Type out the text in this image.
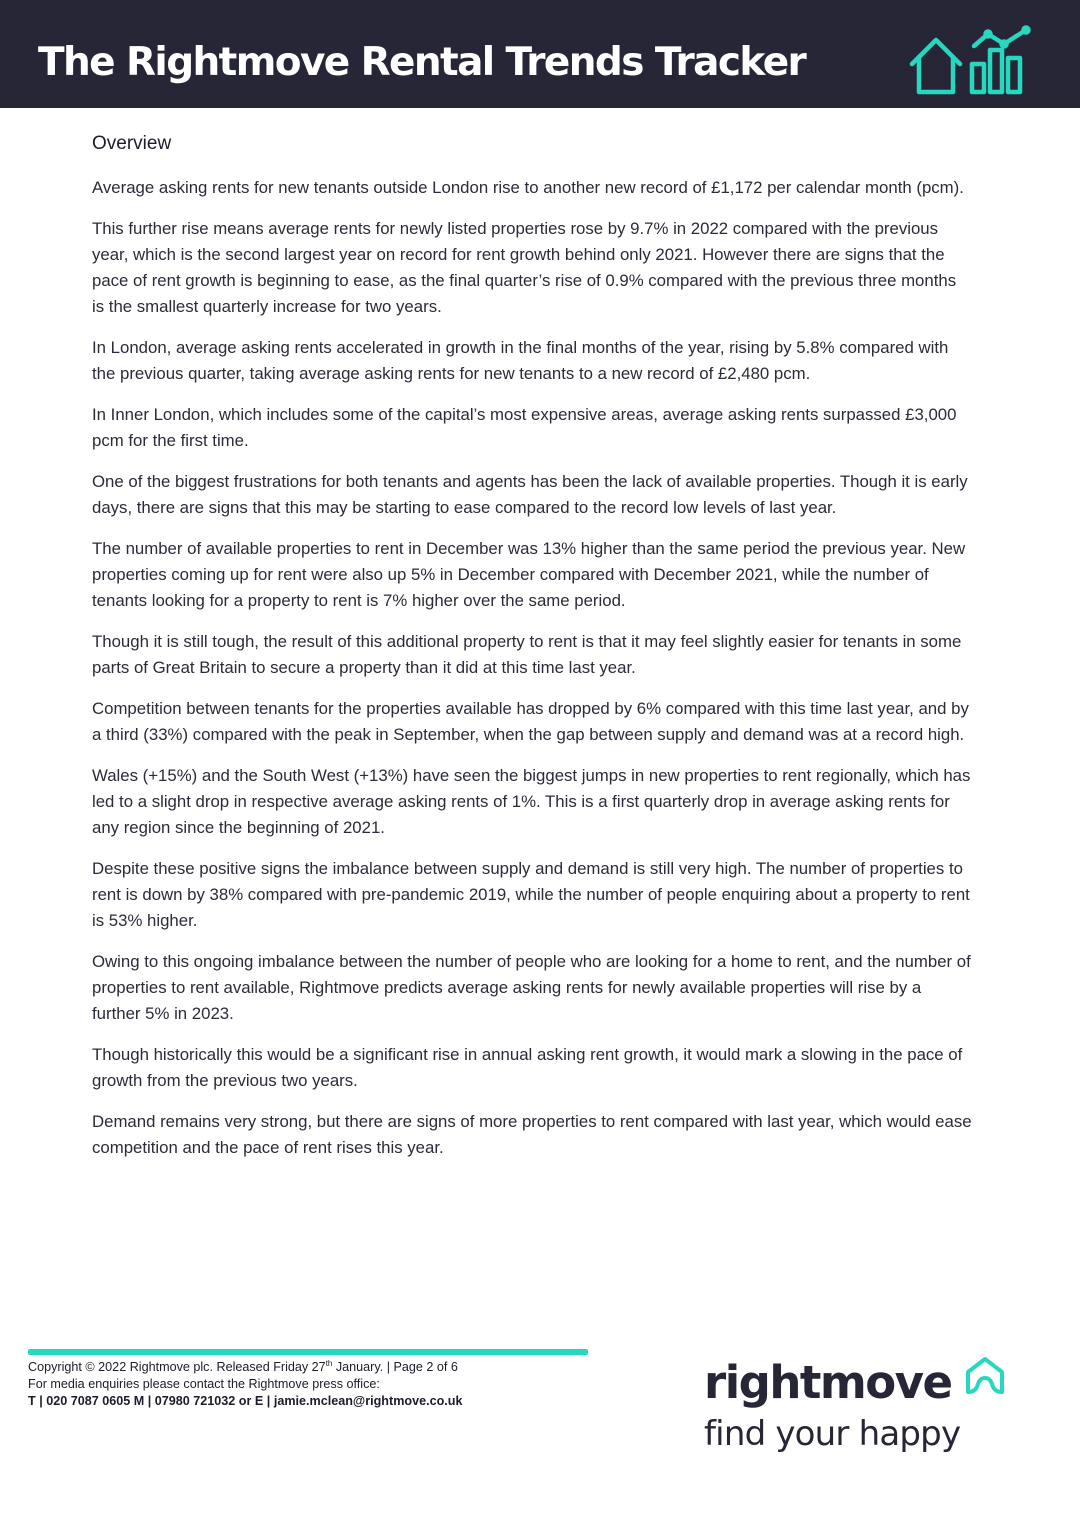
The Rightmove Rental Trends Tracker
Overview

Average asking rents for new tenants outside London rise to another new record of £1,172 per calendar month (pcm).

This further rise means average rents for newly listed properties rose by 9.7% in 2022 compared with the previous year, which is the second largest year on record for rent growth behind only 2021. However there are signs that the pace of rent growth is beginning to ease, as the final quarter’s rise of 0.9% compared with the previous three months is the smallest quarterly increase for two years.

In London, average asking rents accelerated in growth in the final months of the year, rising by 5.8% compared with the previous quarter, taking average asking rents for new tenants to a new record of £2,480 pcm.

In Inner London, which includes some of the capital’s most expensive areas, average asking rents surpassed £3,000 pcm for the first time.

One of the biggest frustrations for both tenants and agents has been the lack of available properties. Though it is early days, there are signs that this may be starting to ease compared to the record low levels of last year.

The number of available properties to rent in December was 13% higher than the same period the previous year. New properties coming up for rent were also up 5% in December compared with December 2021, while the number of tenants looking for a property to rent is 7% higher over the same period.

Though it is still tough, the result of this additional property to rent is that it may feel slightly easier for tenants in some parts of Great Britain to secure a property than it did at this time last year.

Competition between tenants for the properties available has dropped by 6% compared with this time last year, and by a third (33%) compared with the peak in September, when the gap between supply and demand was at a record high.

Wales (+15%) and the South West (+13%) have seen the biggest jumps in new properties to rent regionally, which has led to a slight drop in respective average asking rents of 1%. This is a first quarterly drop in average asking rents for any region since the beginning of 2021.

Despite these positive signs the imbalance between supply and demand is still very high. The number of properties to rent is down by 38% compared with pre-pandemic 2019, while the number of people enquiring about a property to rent is 53% higher.

Owing to this ongoing imbalance between the number of people who are looking for a home to rent, and the number of properties to rent available, Rightmove predicts average asking rents for newly available properties will rise by a further 5% in 2023.

Though historically this would be a significant rise in annual asking rent growth, it would mark a slowing in the pace of growth from the previous two years.

Demand remains very strong, but there are signs of more properties to rent compared with last year, which would ease competition and the pace of rent rises this year.

Copyright © 2022 Rightmove plc. Released Friday 27th January. | Page 2 of 6
For media enquiries please contact the Rightmove press office:
T | 020 7087 0605 M | 07980 721032 or E | jamie.mclean@rightmove.co.uk	rightmove
find your happy
